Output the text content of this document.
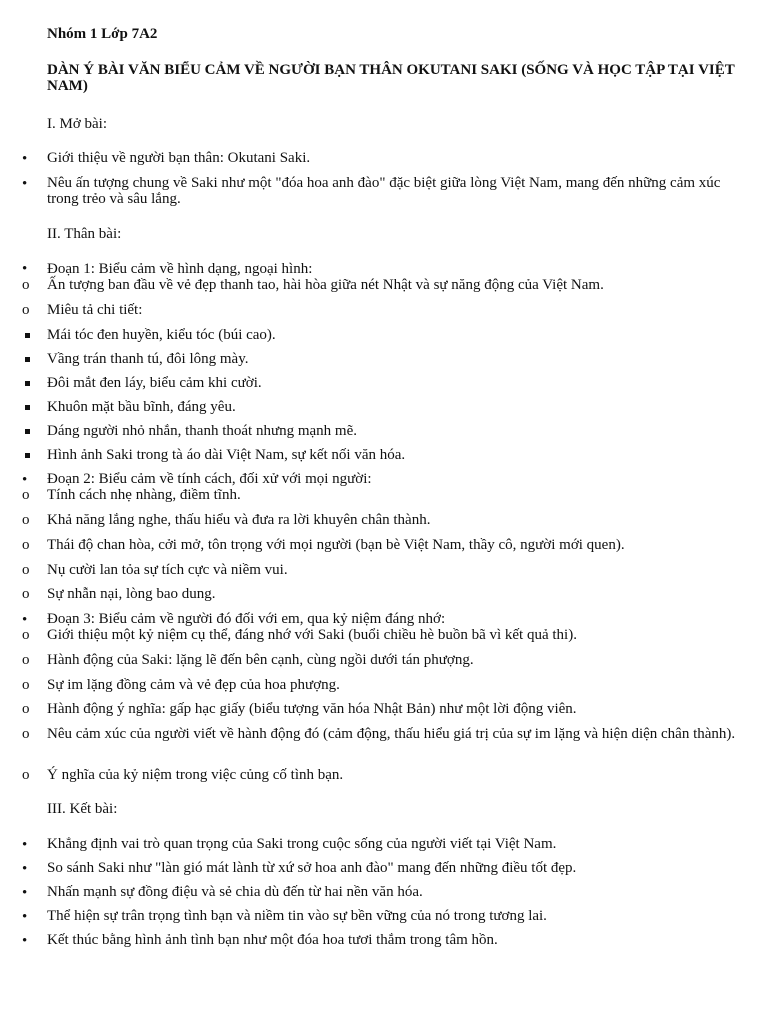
Nhóm 1 Lớp 7A2
DÀN Ý BÀI VĂN BIỂU CẢM VỀ NGƯỜI BẠN THÂN OKUTANI SAKI (SỐNG VÀ HỌC TẬP TẠI VIỆT NAM)
I. Mở bài:
•
Giới thiệu về người bạn thân: Okutani Saki.
•
Nêu ấn tượng chung về Saki như một "đóa hoa anh đào" đặc biệt giữa lòng Việt Nam, mang đến những cảm xúc trong trẻo và sâu lắng.
II. Thân bài:
•
Đoạn 1: Biểu cảm về hình dạng, ngoại hình:
o
Ấn tượng ban đầu về vẻ đẹp thanh tao, hài hòa giữa nét Nhật và sự năng động của Việt Nam.
o
Miêu tả chi tiết:
Mái tóc đen huyền, kiểu tóc (búi cao).
Vầng trán thanh tú, đôi lông mày.
Đôi mắt đen láy, biểu cảm khi cười.
Khuôn mặt bầu bĩnh, đáng yêu.
Dáng người nhỏ nhắn, thanh thoát nhưng mạnh mẽ.
Hình ảnh Saki trong tà áo dài Việt Nam, sự kết nối văn hóa.
•
Đoạn 2: Biểu cảm về tính cách, đối xử với mọi người:
o
Tính cách nhẹ nhàng, điềm tĩnh.
o
Khả năng lắng nghe, thấu hiểu và đưa ra lời khuyên chân thành.
o
Thái độ chan hòa, cởi mở, tôn trọng với mọi người (bạn bè Việt Nam, thầy cô, người mới quen).
o
Nụ cười lan tỏa sự tích cực và niềm vui.
o
Sự nhẫn nại, lòng bao dung.
•
Đoạn 3: Biểu cảm về người đó đối với em, qua kỷ niệm đáng nhớ:
o
Giới thiệu một kỷ niệm cụ thể, đáng nhớ với Saki (buổi chiều hè buồn bã vì kết quả thi).
o
Hành động của Saki: lặng lẽ đến bên cạnh, cùng ngồi dưới tán phượng.
o
Sự im lặng đồng cảm và vẻ đẹp của hoa phượng.
o
Hành động ý nghĩa: gấp hạc giấy (biểu tượng văn hóa Nhật Bản) như một lời động viên.
o
Nêu cảm xúc của người viết về hành động đó (cảm động, thấu hiểu giá trị của sự im lặng và hiện diện chân thành).
o
Ý nghĩa của kỷ niệm trong việc củng cố tình bạn.
III. Kết bài:
•
Khẳng định vai trò quan trọng của Saki trong cuộc sống của người viết tại Việt Nam.
•
So sánh Saki như "làn gió mát lành từ xứ sở hoa anh đào" mang đến những điều tốt đẹp.
•
Nhấn mạnh sự đồng điệu và sẻ chia dù đến từ hai nền văn hóa.
•
Thể hiện sự trân trọng tình bạn và niềm tin vào sự bền vững của nó trong tương lai.
•
Kết thúc bằng hình ảnh tình bạn như một đóa hoa tươi thắm trong tâm hồn.
